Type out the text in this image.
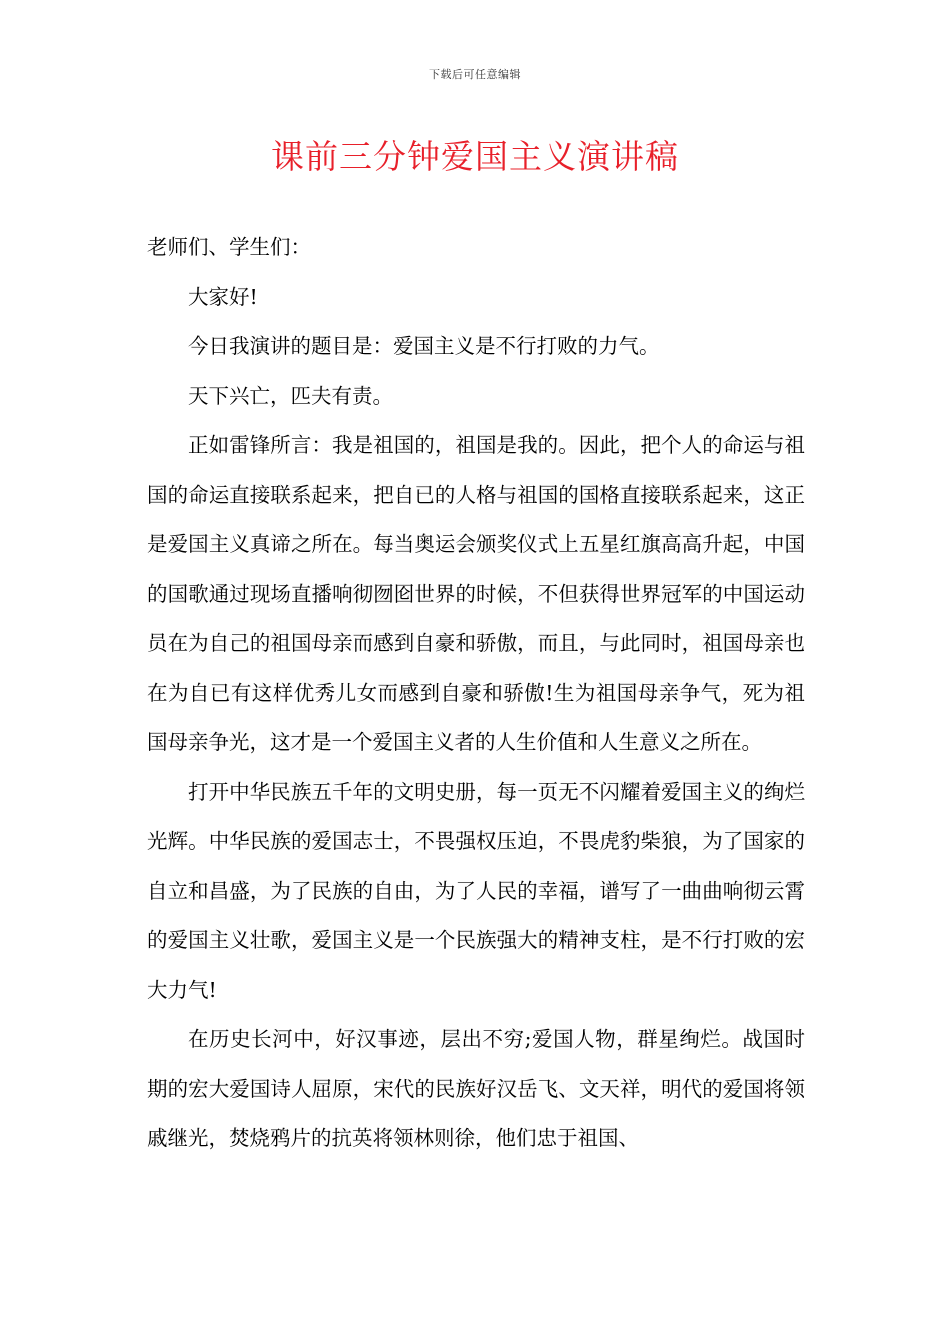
下载后可任意编辑
课前三分钟爱国主义演讲稿

老师们、学生们：

大家好!

今日我演讲的题目是：爱国主义是不行打败的力气。

天下兴亡，匹夫有责。

正如雷锋所言：我是祖国的，祖国是我的。因此，把个人的命运与祖国的命运直接联系起来，把自已的人格与祖国的国格直接联系起来，这正是爱国主义真谛之所在。每当奥运会颁奖仪式上五星红旗高高升起，中国的国歌通过现场直播响彻囫囵世界的时候，不但获得世界冠军的中国运动员在为自己的祖国母亲而感到自豪和骄傲，而且，与此同时，祖国母亲也在为自已有这样优秀儿女而感到自豪和骄傲!生为祖国母亲争气，死为祖国母亲争光，这才是一个爱国主义者的人生价值和人生意义之所在。

打开中华民族五千年的文明史册，每一页无不闪耀着爱国主义的绚烂光辉。中华民族的爱国志士，不畏强权压迫，不畏虎豹柴狼，为了国家的自立和昌盛，为了民族的自由，为了人民的幸福，谱写了一曲曲响彻云霄的爱国主义壮歌，爱国主义是一个民族强大的精神支柱，是不行打败的宏大力气!

在历史长河中，好汉事迹，层出不穷;爱国人物，群星绚烂。战国时期的宏大爱国诗人屈原，宋代的民族好汉岳飞、文天祥，明代的爱国将领戚继光，焚烧鸦片的抗英将领林则徐，他们忠于祖国、
